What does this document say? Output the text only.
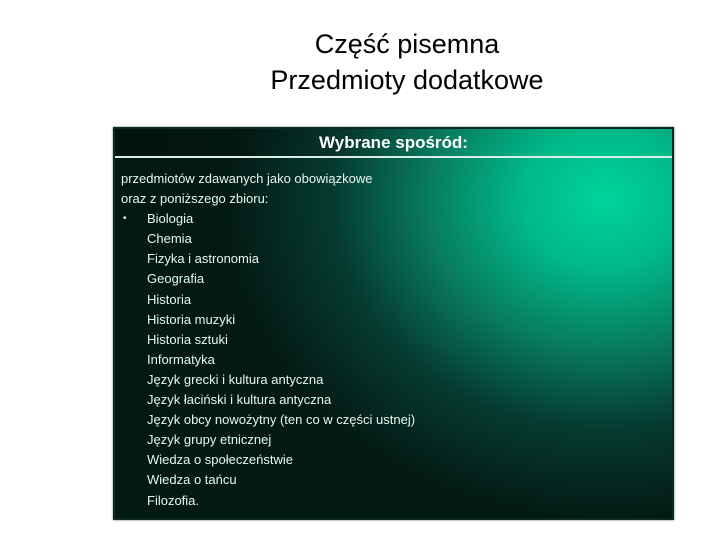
Część pisemna
Przedmioty dodatkowe
Wybrane spośród:
przedmiotów zdawanych jako obowiązkowe
oraz z poniższego zbioru:
• Biologia
Chemia
Fizyka i astronomia
Geografia
Historia
Historia muzyki
Historia sztuki
Informatyka
Język grecki i kultura antyczna
Język łaciński i kultura antyczna
Język obcy nowożytny (ten co w części ustnej)
Język grupy etnicznej
Wiedza o społeczeństwie
Wiedza o tańcu
Filozofia.
